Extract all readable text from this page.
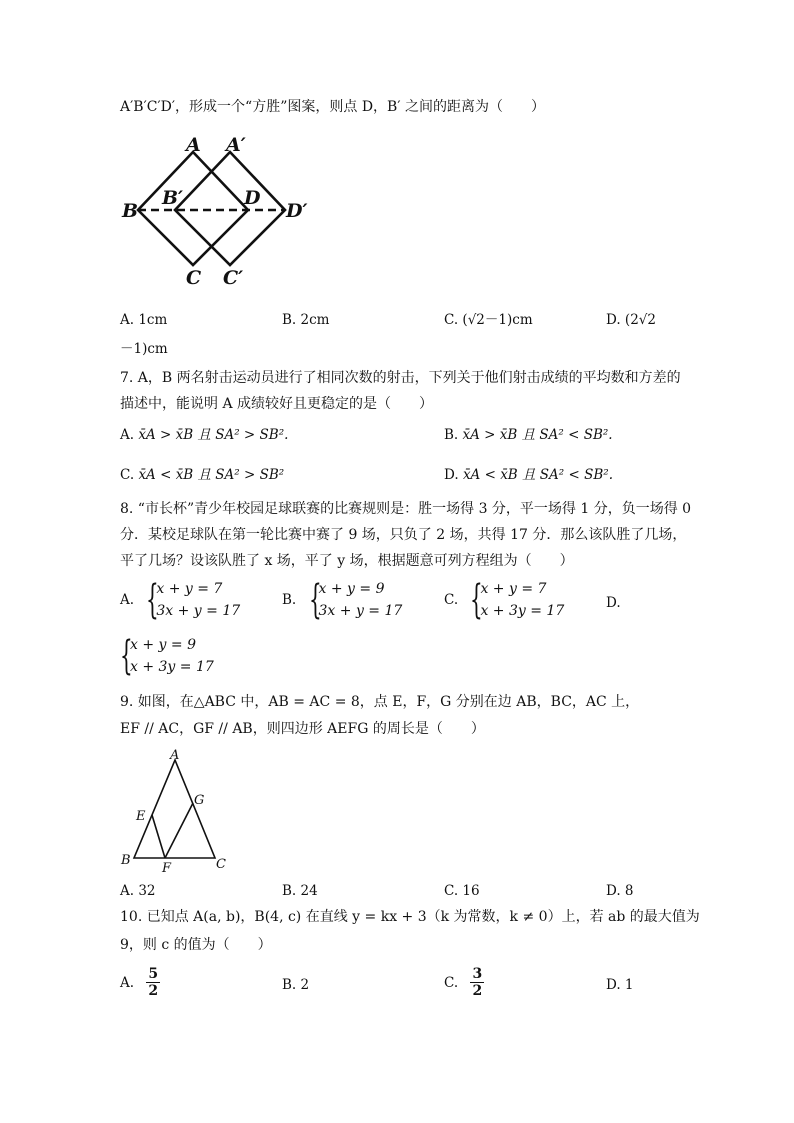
A′B′C′D′，形成一个“方胜”图案，则点 D，B′ 之间的距离为（　　）
A A′
B
B′	D
D′
C C′
A. 1cm	B. 2cm	C. (√2－1)cm	D. (2√2
－1)cm
7. A，B 两名射击运动员进行了相同次数的射击，下列关于他们射击成绩的平均数和方差的
描述中，能说明 A 成绩较好且更稳定的是（　　）
A. x̄A > x̄B 且 SA² > SB².	B. x̄A > x̄B 且 SA² < SB².
C. x̄A < x̄B 且 SA² > SB²	D. x̄A < x̄B 且 SA² < SB².
8. “市长杯”青少年校园足球联赛的比赛规则是：胜一场得 3 分，平一场得 1 分，负一场得 0
分．某校足球队在第一轮比赛中赛了 9 场，只负了 2 场，共得 17 分．那么该队胜了几场，
平了几场？设该队胜了 x 场，平了 y 场，根据题意可列方程组为（　　）
A. {
x + y = 7
3x + y = 17
B. {
x + y = 9
3x + y = 17
C. {
x + y = 7
x + 3y = 17	D.
{
x + y = 9
x + 3y = 17
9. 如图，在△ABC 中，AB = AC = 8，点 E，F，G 分别在边 AB，BC，AC 上，
EF // AC，GF // AB，则四边形 AEFG 的周长是（　　）
A
G
E
B
F	C
A. 32	B. 24	C. 16	D. 8
10. 已知点 A(a, b)，B(4, c) 在直线 y = kx + 3（k 为常数，k ≠ 0）上，若 ab 的最大值为
9，则 c 的值为（　　）
A. $\frac{5}{2}$	B. 2	C. $\frac{3}{2}$	D. 1
